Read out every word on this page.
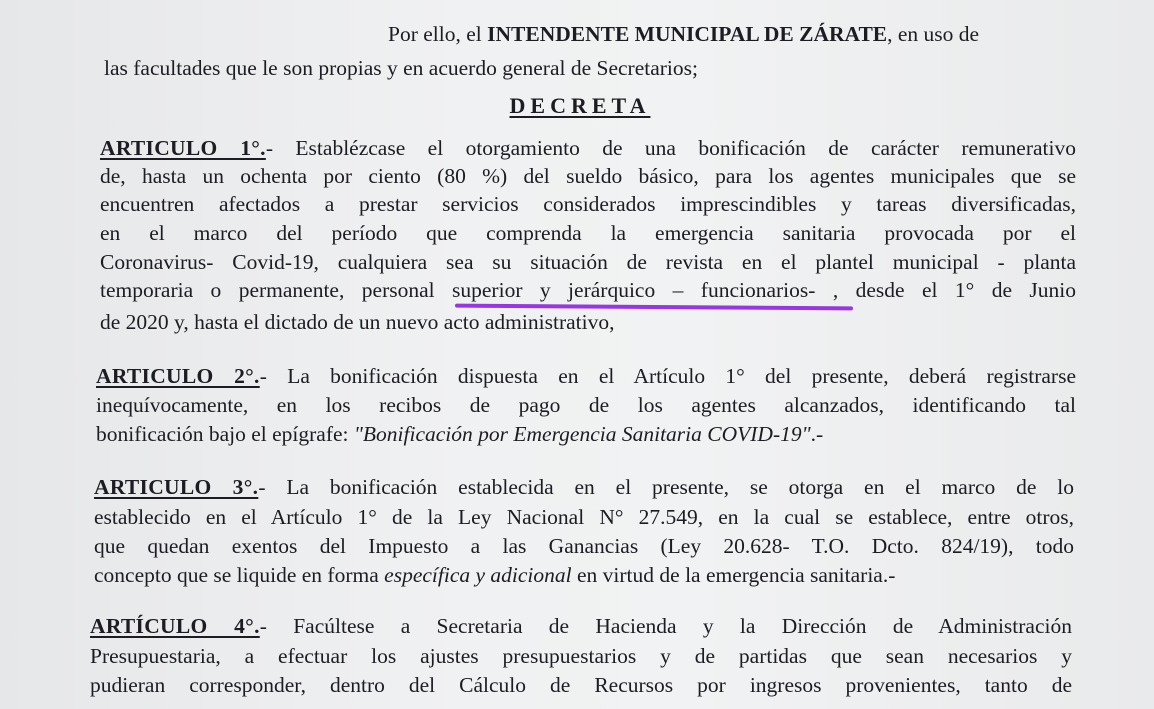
Por ello, el INTENDENTE MUNICIPAL DE ZÁRATE, en uso de

las facultades que le son propias y en acuerdo general de Secretarios;

DECRETA

ARTICULO 1°.- Establézcase el otorgamiento de una bonificación de carácter remunerativo

de, hasta un ochenta por ciento (80 %) del sueldo básico, para los agentes municipales que se

encuentren afectados a prestar servicios considerados imprescindibles y tareas diversificadas,

en el marco del período que comprenda la emergencia sanitaria provocada por el

Coronavirus- Covid-19, cualquiera sea su situación de revista en el plantel municipal - planta

temporaria o permanente, personal superior y jerárquico – funcionarios- , desde el 1° de Junio

de 2020 y, hasta el dictado de un nuevo acto administrativo,

ARTICULO 2°.- La bonificación dispuesta en el Artículo 1° del presente, deberá registrarse

inequívocamente, en los recibos de pago de los agentes alcanzados, identificando tal

bonificación bajo el epígrafe: "Bonificación por Emergencia Sanitaria COVID-19".-

ARTICULO 3°.- La bonificación establecida en el presente, se otorga en el marco de lo

establecido en el Artículo 1° de la Ley Nacional N° 27.549, en la cual se establece, entre otros,

que quedan exentos del Impuesto a las Ganancias (Ley 20.628- T.O. Dcto. 824/19), todo

concepto que se liquide en forma específica y adicional en virtud de la emergencia sanitaria.-

ARTÍCULO 4°.- Facúltese a Secretaria de Hacienda y la Dirección de Administración

Presupuestaria, a efectuar los ajustes presupuestarios y de partidas que sean necesarios y

pudieran corresponder, dentro del Cálculo de Recursos por ingresos provenientes, tanto de
